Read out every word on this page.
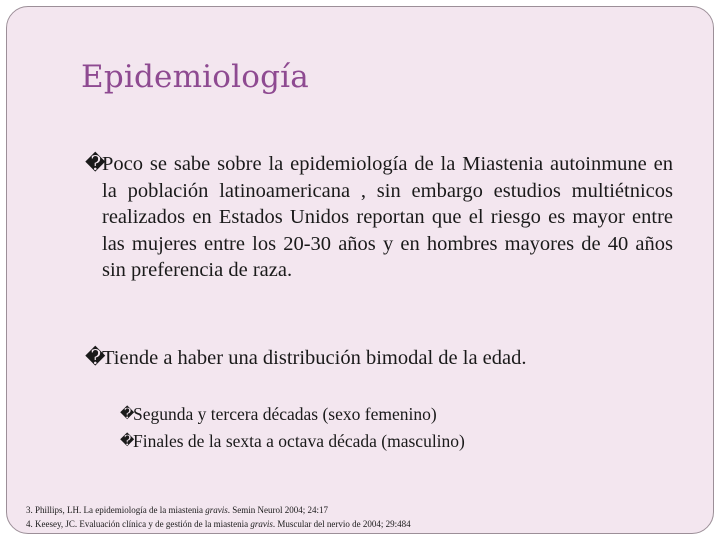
Epidemiología
�
Poco se sabe sobre la epidemiología de la Miastenia autoinmune en la población latinoamericana , sin embargo estudios multiétnicos realizados en Estados Unidos reportan que el riesgo es mayor entre las mujeres entre los 20-30 años y en hombres mayores de 40 años sin preferencia de raza.
�
Tiende a haber una distribución bimodal de la edad.
�
Segunda y tercera décadas (sexo femenino)
�
Finales de la sexta a octava década (masculino)
3. Phillips, LH. La epidemiología de la miastenia gravis. Semin Neurol 2004; 24:17
4. Keesey, JC. Evaluación clínica y de gestión de la miastenia gravis. Muscular del nervio de 2004; 29:484
